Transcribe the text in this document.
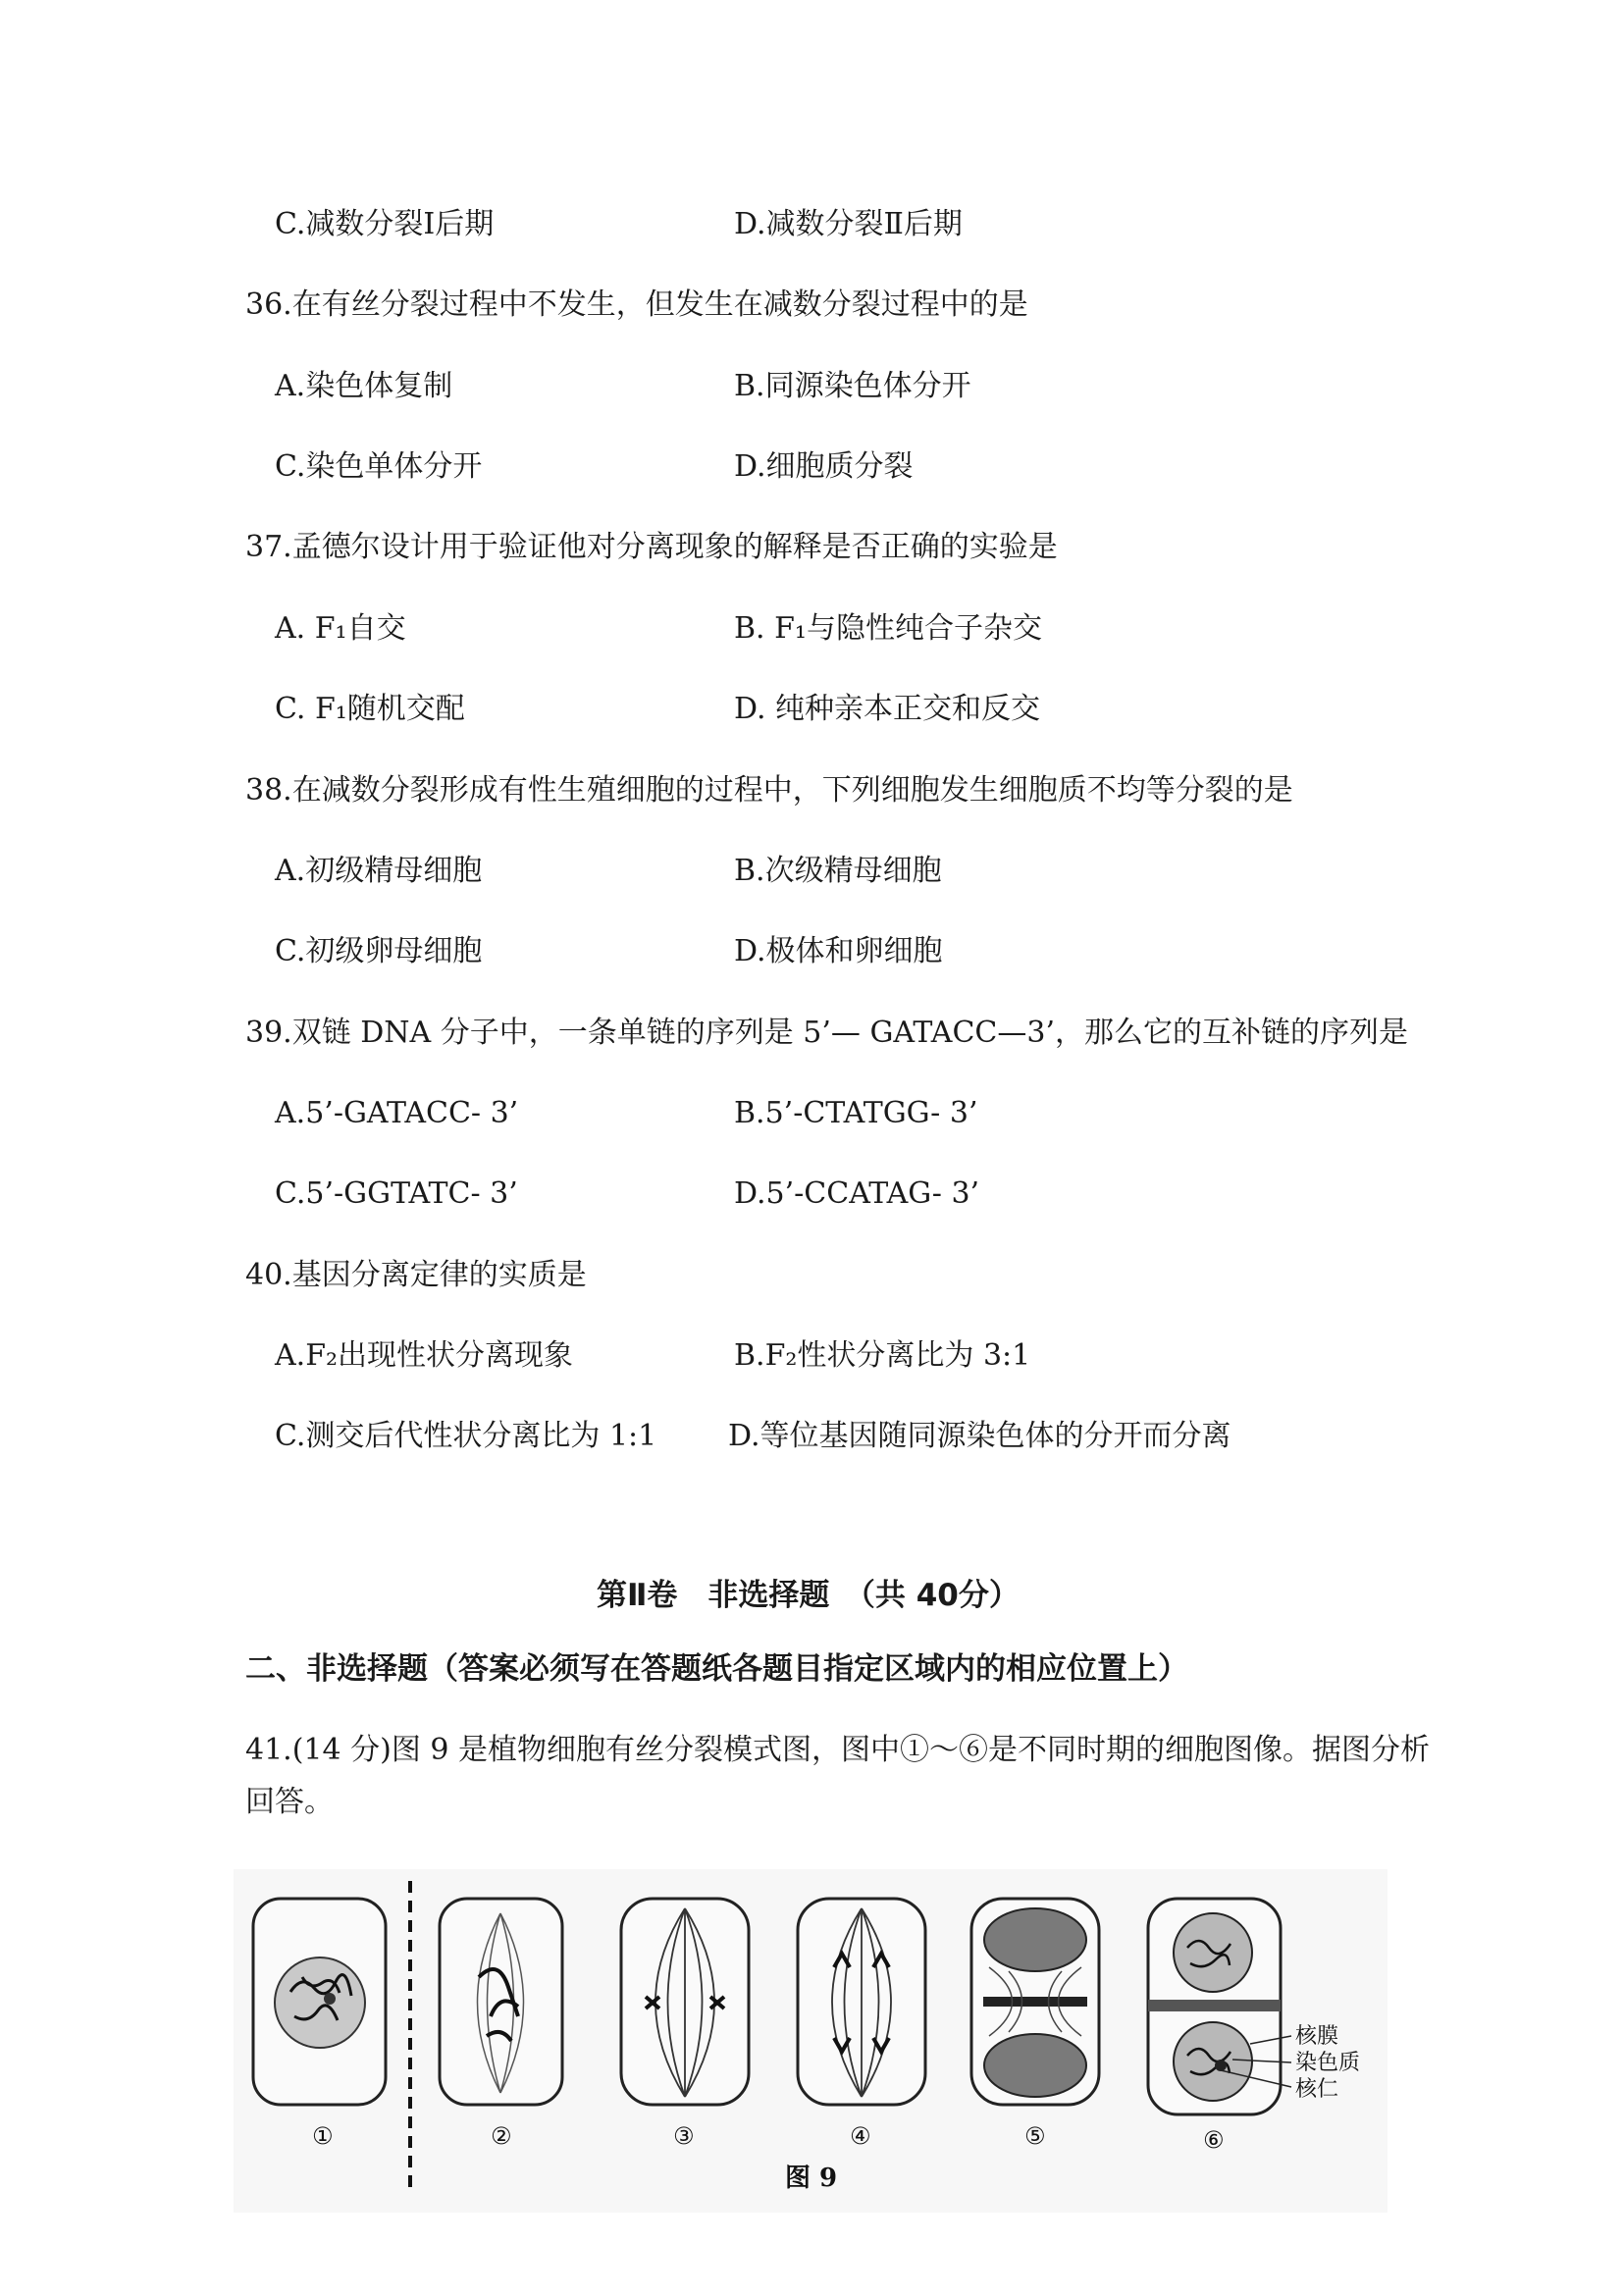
C.减数分裂Ⅰ后期	D.减数分裂Ⅱ后期
36.在有丝分裂过程中不发生，但发生在减数分裂过程中的是
A.染色体复制	B.同源染色体分开
C.染色单体分开	D.细胞质分裂
37.孟德尔设计用于验证他对分离现象的解释是否正确的实验是
A. F₁自交	B. F₁与隐性纯合子杂交
C. F₁随机交配	D. 纯种亲本正交和反交
38.在减数分裂形成有性生殖细胞的过程中，下列细胞发生细胞质不均等分裂的是
A.初级精母细胞	B.次级精母细胞
C.初级卵母细胞	D.极体和卵细胞
39.双链 DNA 分子中，一条单链的序列是 5’— GATACC—3’，那么它的互补链的序列是
A.5’-GATACC- 3’	B.5’-CTATGG- 3’
C.5’-GGTATC- 3’	D.5’-CCATAG- 3’
40.基因分离定律的实质是
A.F₂出现性状分离现象	B.F₂性状分离比为 3:1
C.测交后代性状分离比为 1:1 D.等位基因随同源染色体的分开而分离
第Ⅱ卷　非选择题　（共 40分）
二、非选择题（答案必须写在答题纸各题目指定区域内的相应位置上）
41.(14 分)图 9 是植物细胞有丝分裂模式图，图中①～⑥是不同时期的细胞图像。据图分析
回答。
核膜
染色质
核仁
①	②	③	④	⑤	⑥
图 9
